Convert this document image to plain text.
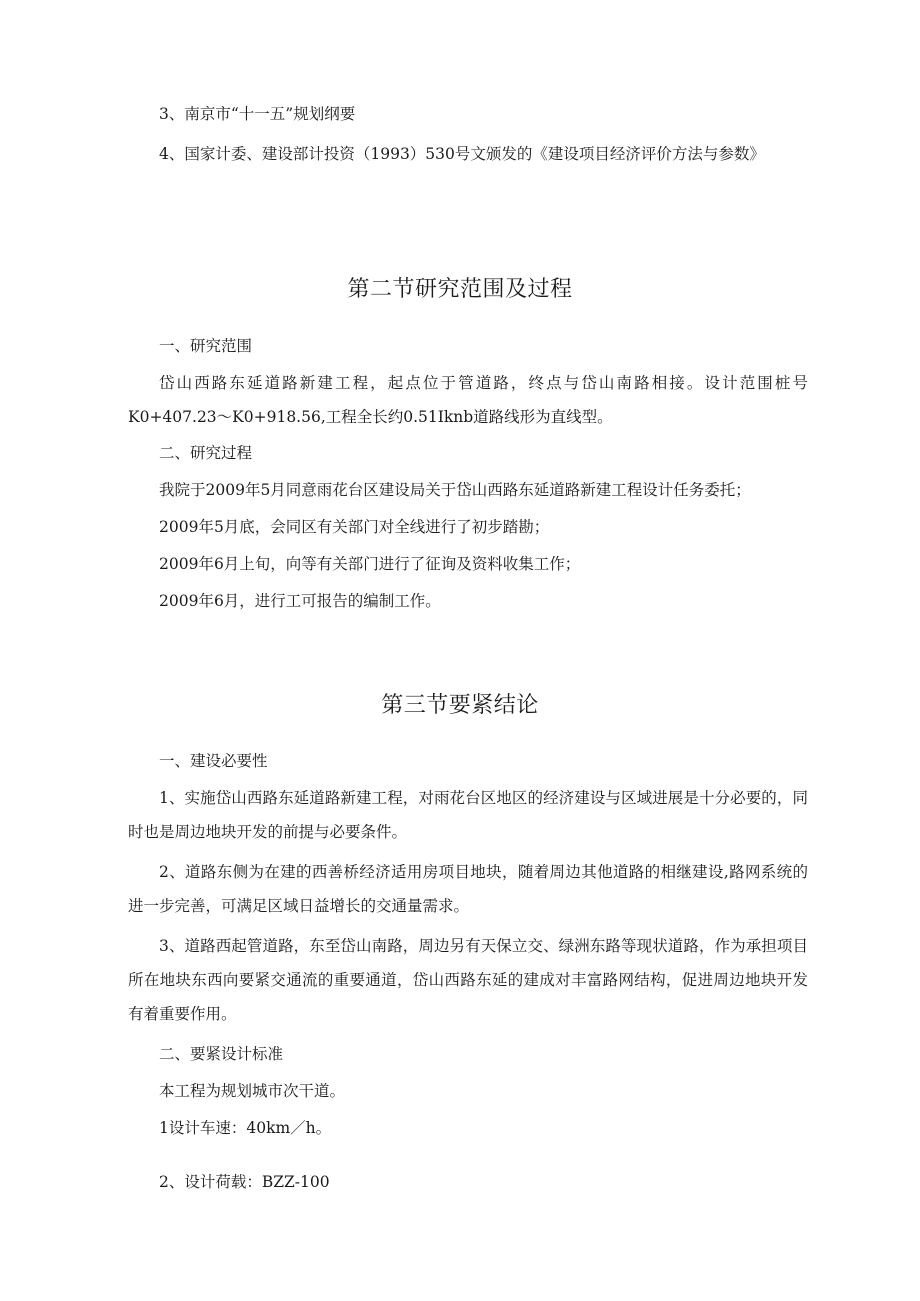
3、南京市“十一五”规划纲要

4、国家计委、建设部计投资（1993）530号文颁发的《建设项目经济评价方法与参数》

第二节研究范围及过程

一、研究范围

岱山西路东延道路新建工程，起点位于管道路，终点与岱山南路相接。设计范围桩号K0+407.23～K0+918.56,工程全长约0.51Iknb道路线形为直线型。

二、研究过程

我院于2009年5月同意雨花台区建设局关于岱山西路东延道路新建工程设计任务委托；

2009年5月底，会同区有关部门对全线进行了初步踏勘；

2009年6月上旬，向等有关部门进行了征询及资料收集工作；

2009年6月，进行工可报告的编制工作。

第三节要紧结论

一、建设必要性

1、实施岱山西路东延道路新建工程，对雨花台区地区的经济建设与区域进展是十分必要的，同时也是周边地块开发的前提与必要条件。

2、道路东侧为在建的西善桥经济适用房项目地块，随着周边其他道路的相继建设,路网系统的进一步完善，可满足区域日益增长的交通量需求。

3、道路西起管道路，东至岱山南路，周边另有天保立交、绿洲东路等现状道路，作为承担项目所在地块东西向要紧交通流的重要通道，岱山西路东延的建成对丰富路网结构，促进周边地块开发有着重要作用。

二、要紧设计标准

本工程为规划城市次干道。

1设计车速：40km／h。

2、设计荷载：BZZ-100
